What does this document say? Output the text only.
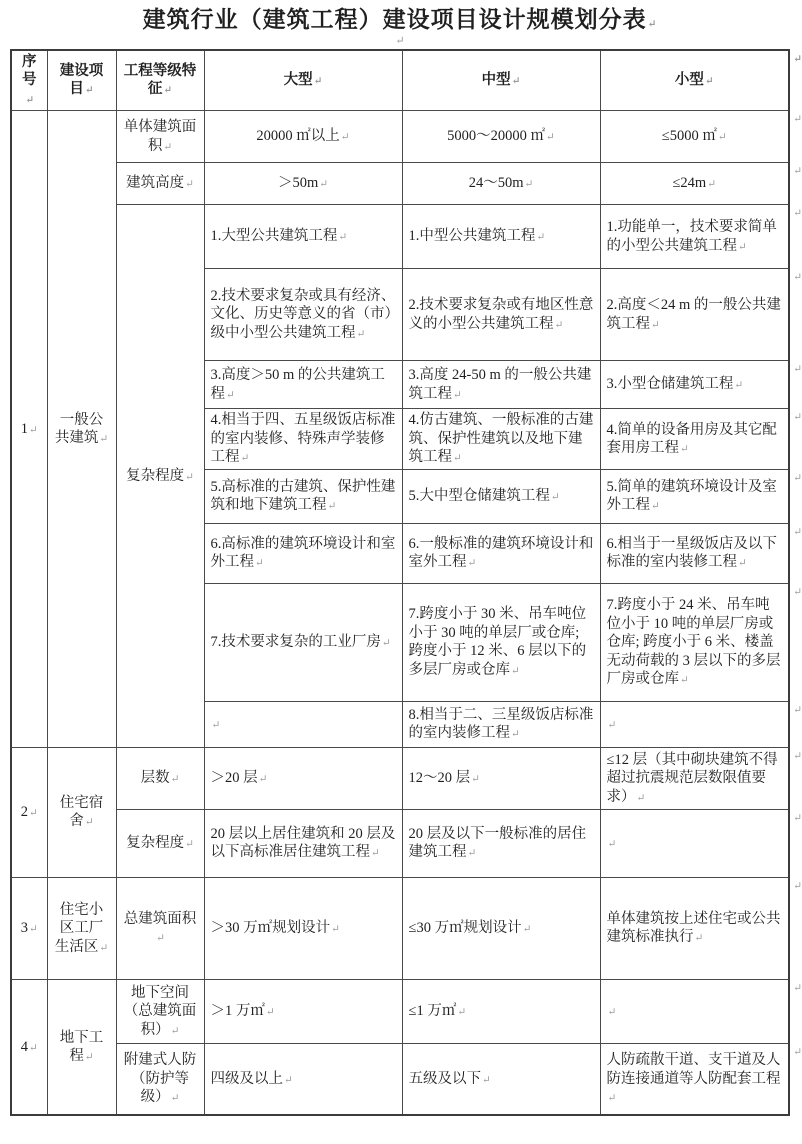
建筑行业（建筑工程）建设项目设计规模划分表↵
↵
序号↵	建设项目↵	工程等级特征↵	大型↵	中型↵	小型↵
↵

1↵	一般公共建筑↵	单体建筑面积↵	20000 ㎡以上↵	5000～20000 ㎡↵	≤5000 ㎡↵
↵

		建筑高度↵	＞50m↵	24～50m↵	≤24m↵
↵

		复杂程度↵	1.大型公共建筑工程↵	1.中型公共建筑工程↵	1.功能单一，技术要求简单的小型公共建筑工程↵
↵

			2.技术要求复杂或具有经济、文化、历史等意义的省（市）级中小型公共建筑工程↵	2.技术要求复杂或有地区性意义的小型公共建筑工程↵	2.高度＜24 m 的一般公共建筑工程↵
↵

			3.高度＞50 m 的公共建筑工程↵	3.高度 24-50 m 的一般公共建筑工程↵	3.小型仓储建筑工程↵
↵

			4.相当于四、五星级饭店标准的室内装修、特殊声学装修工程↵	4.仿古建筑、一般标准的古建筑、保护性建筑以及地下建筑工程↵	4.简单的设备用房及其它配套用房工程↵
↵

			5.高标准的古建筑、保护性建筑和地下建筑工程↵	5.大中型仓储建筑工程↵	5.简单的建筑环境设计及室外工程↵
↵

			6.高标准的建筑环境设计和室外工程↵	6.一般标准的建筑环境设计和室外工程↵	6.相当于一星级饭店及以下标准的室内装修工程↵
↵

			7.技术要求复杂的工业厂房↵	7.跨度小于 30 米、吊车吨位小于 30 吨的单层厂或仓库;跨度小于 12 米、6 层以下的多层厂房或仓库↵	7.跨度小于 24 米、吊车吨位小于 10 吨的单层厂房或仓库; 跨度小于 6 米、楼盖无动荷载的 3 层以下的多层厂房或仓库↵
↵

			↵	8.相当于二、三星级饭店标准的室内装修工程↵	↵
↵

2↵	住宅宿舍↵	层数↵	＞20 层↵	12～20 层↵	≤12 层（其中砌块建筑不得超过抗震规范层数限值要求）↵
↵

		复杂程度↵	20 层以上居住建筑和 20 层及以下高标准居住建筑工程↵	20 层及以下一般标准的居住建筑工程↵	↵
↵

3↵	住宅小区工厂生活区↵	总建筑面积↵	＞30 万㎡规划设计↵	≤30 万㎡规划设计↵	单体建筑按上述住宅或公共建筑标准执行↵
↵

4↵	地下工程↵	地下空间（总建筑面积）↵	＞1 万㎡↵	≤1 万㎡↵	↵
↵

		附建式人防（防护等级）↵	四级及以上↵	五级及以下↵	人防疏散干道、支干道及人防连接通道等人防配套工程↵
↵
